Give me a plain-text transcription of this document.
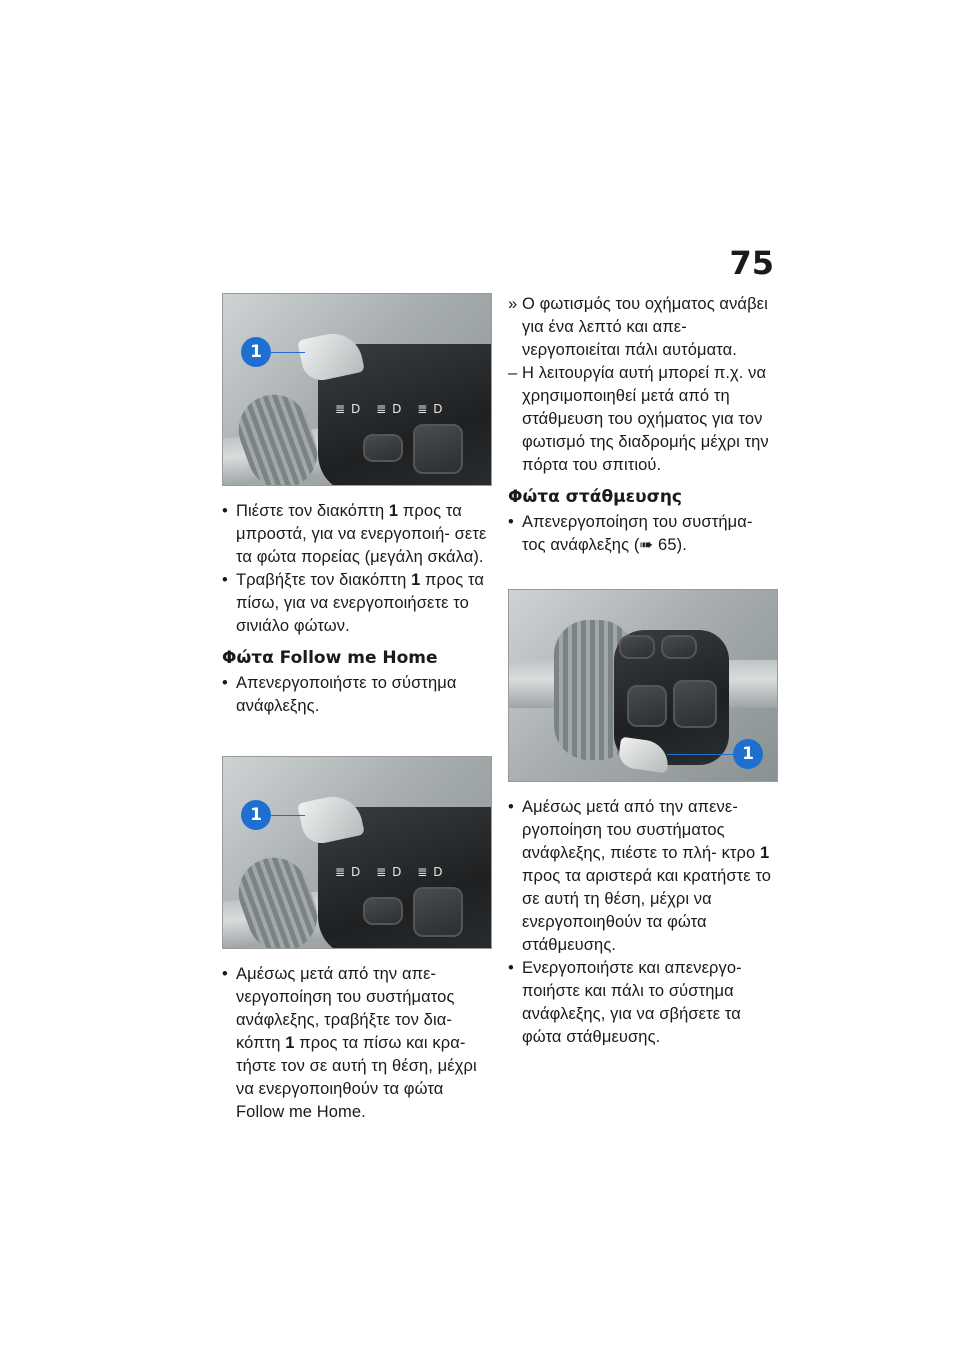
75
≣D ≣D ≣D
1
• Πιέστε τον διακόπτη 1 προς τα μπροστά, για να ενεργοποιή- σετε τα φώτα πορείας (μεγάλη σκάλα).
• Τραβήξτε τον διακόπτη 1 προς τα πίσω, για να ενεργοποιήσετε το σινιάλο φώτων.
Φώτα Follow me Home
• Απενεργοποιήστε το σύστημα ανάφλεξης.
≣D ≣D ≣D
1
• Αμέσως μετά από την απε- νεργοποίηση του συστήματος ανάφλεξης, τραβήξτε τον δια- κόπτη 1 προς τα πίσω και κρα- τήστε τον σε αυτή τη θέση, μέχρι να ενεργοποιηθούν τα φώτα Follow me Home.
» Ο φωτισμός του οχήματος ανάβει για ένα λεπτό και απε- νεργοποιείται πάλι αυτόματα.
– Η λειτουργία αυτή μπορεί π.χ. να χρησιμοποιηθεί μετά από τη στάθμευση του οχήματος για τον φωτισμό της διαδρομής μέχρι την πόρτα του σπιτιού.
Φώτα στάθμευσης
• Απενεργοποίηση του συστήμα- τος ανάφλεξης (➠ 65).
1
• Αμέσως μετά από την απενε- ργοποίηση του συστήματος ανάφλεξης, πιέστε το πλή- κτρο 1 προς τα αριστερά και κρατήστε το σε αυτή τη θέση, μέχρι να ενεργοποιηθούν τα φώτα στάθμευσης.
• Ενεργοποιήστε και απενεργο- ποιήστε και πάλι το σύστημα ανάφλεξης, για να σβήσετε τα φώτα στάθμευσης.
